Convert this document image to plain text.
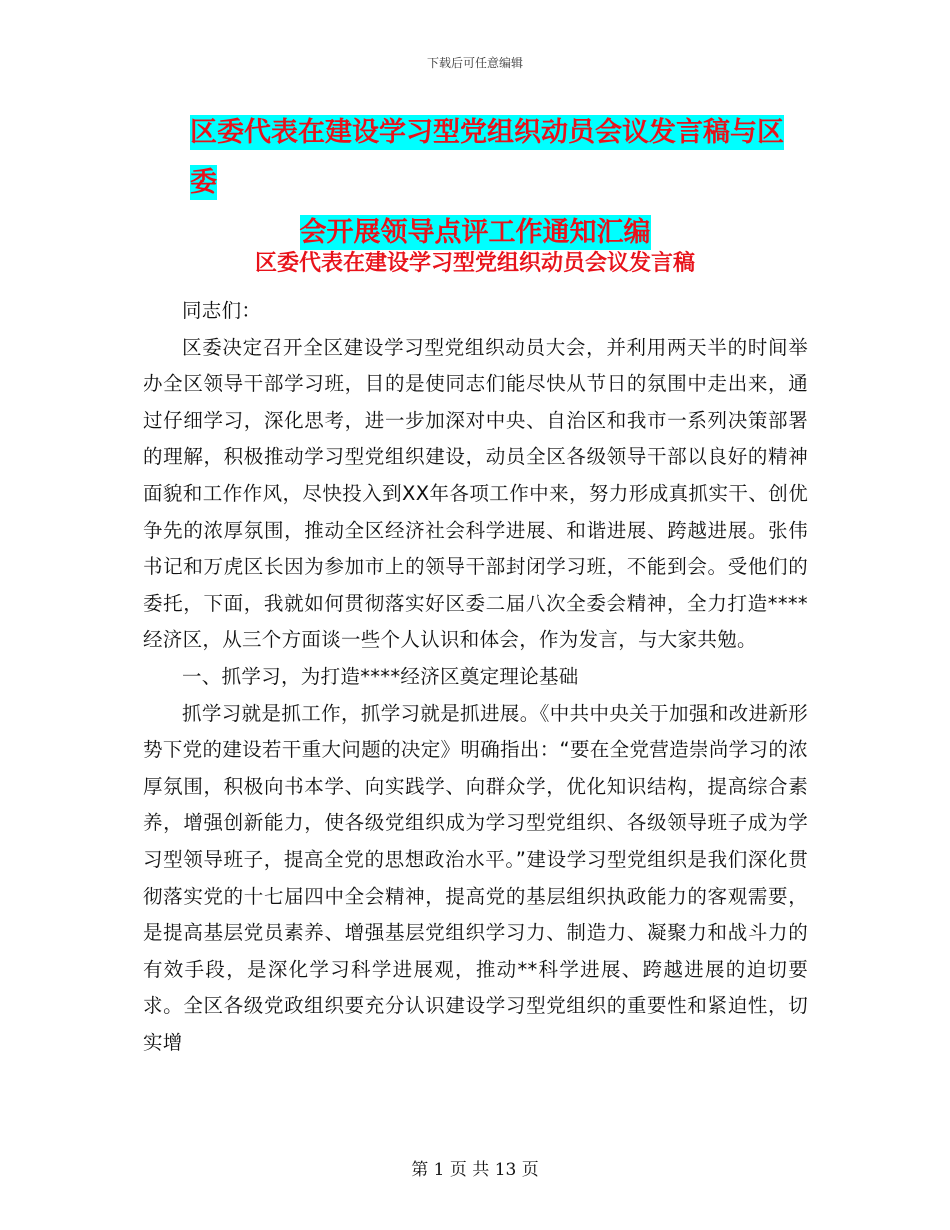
下载后可任意编辑
区委代表在建设学习型党组织动员会议发言稿与区委
会开展领导点评工作通知汇编
区委代表在建设学习型党组织动员会议发言稿

同志们：

区委决定召开全区建设学习型党组织动员大会，并利用两天半的时间举办全区领导干部学习班，目的是使同志们能尽快从节日的氛围中走出来，通过仔细学习，深化思考，进一步加深对中央、自治区和我市一系列决策部署的理解，积极推动学习型党组织建设，动员全区各级领导干部以良好的精神面貌和工作作风，尽快投入到XX年各项工作中来，努力形成真抓实干、创优争先的浓厚氛围，推动全区经济社会科学进展、和谐进展、跨越进展。张伟书记和万虎区长因为参加市上的领导干部封闭学习班，不能到会。受他们的委托，下面，我就如何贯彻落实好区委二届八次全委会精神，全力打造****经济区，从三个方面谈一些个人认识和体会，作为发言，与大家共勉。

一、抓学习，为打造****经济区奠定理论基础

抓学习就是抓工作，抓学习就是抓进展。《中共中央关于加强和改进新形势下党的建设若干重大问题的决定》明确指出：“要在全党营造崇尚学习的浓厚氛围，积极向书本学、向实践学、向群众学，优化知识结构，提高综合素养，增强创新能力，使各级党组织成为学习型党组织、各级领导班子成为学习型领导班子，提高全党的思想政治水平。”建设学习型党组织是我们深化贯彻落实党的十七届四中全会精神，提高党的基层组织执政能力的客观需要，是提高基层党员素养、增强基层党组织学习力、制造力、凝聚力和战斗力的有效手段，是深化学习科学进展观，推动**科学进展、跨越进展的迫切要求。全区各级党政组织要充分认识建设学习型党组织的重要性和紧迫性，切实增

第 1 页 共 13 页
